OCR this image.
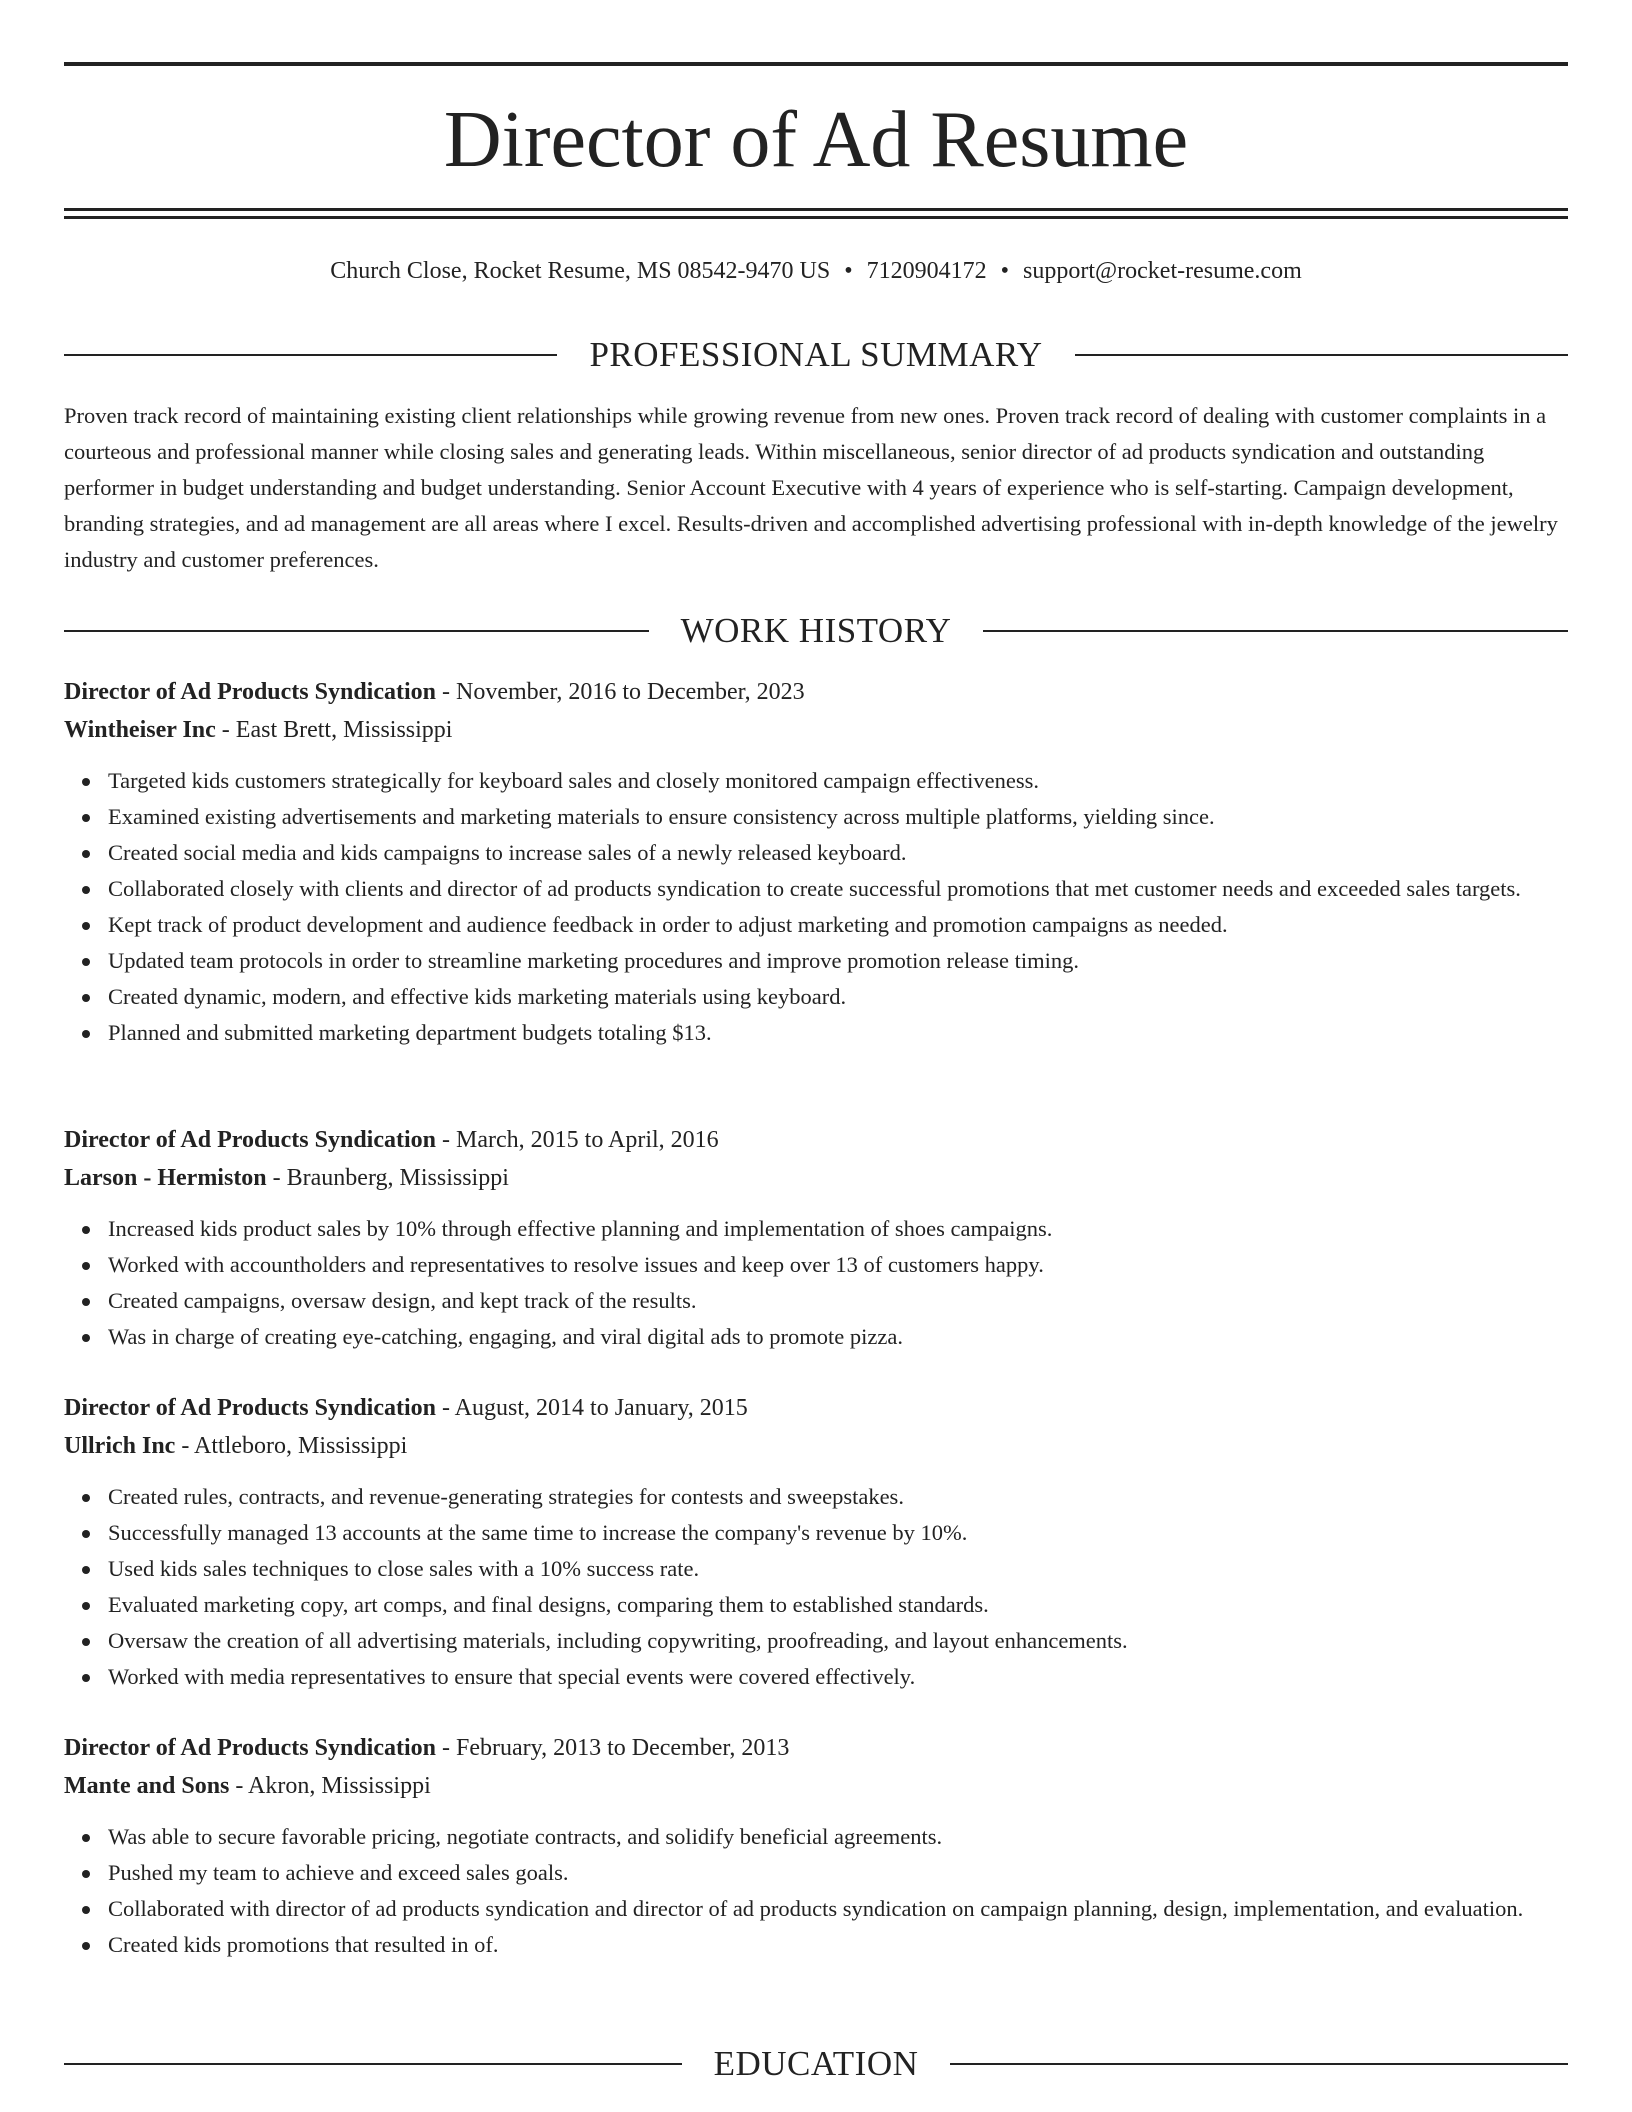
Director of Ad Resume
Church Close, Rocket Resume, MS 08542-9470 US • 7120904172 • support@rocket-resume.com
PROFESSIONAL SUMMARY

Proven track record of maintaining existing client relationships while growing revenue from new ones. Proven track record of dealing with customer complaints in a courteous and professional manner while closing sales and generating leads. Within miscellaneous, senior director of ad products syndication and outstanding performer in budget understanding and budget understanding. Senior Account Executive with 4 years of experience who is self-starting. Campaign development, branding strategies, and ad management are all areas where I excel. Results-driven and accomplished advertising professional with in-depth knowledge of the jewelry industry and customer preferences.

WORK HISTORY
Director of Ad Products Syndication - November, 2016 to December, 2023
Wintheiser Inc - East Brett, Mississippi
Targeted kids customers strategically for keyboard sales and closely monitored campaign effectiveness.
Examined existing advertisements and marketing materials to ensure consistency across multiple platforms, yielding since.
Created social media and kids campaigns to increase sales of a newly released keyboard.
Collaborated closely with clients and director of ad products syndication to create successful promotions that met customer needs and exceeded sales targets.
Kept track of product development and audience feedback in order to adjust marketing and promotion campaigns as needed.
Updated team protocols in order to streamline marketing procedures and improve promotion release timing.
Created dynamic, modern, and effective kids marketing materials using keyboard.
Planned and submitted marketing department budgets totaling $13.
Director of Ad Products Syndication - March, 2015 to April, 2016
Larson - Hermiston - Braunberg, Mississippi
Increased kids product sales by 10% through effective planning and implementation of shoes campaigns.
Worked with accountholders and representatives to resolve issues and keep over 13 of customers happy.
Created campaigns, oversaw design, and kept track of the results.
Was in charge of creating eye-catching, engaging, and viral digital ads to promote pizza.
Director of Ad Products Syndication - August, 2014 to January, 2015
Ullrich Inc - Attleboro, Mississippi
Created rules, contracts, and revenue-generating strategies for contests and sweepstakes.
Successfully managed 13 accounts at the same time to increase the company's revenue by 10%.
Used kids sales techniques to close sales with a 10% success rate.
Evaluated marketing copy, art comps, and final designs, comparing them to established standards.
Oversaw the creation of all advertising materials, including copywriting, proofreading, and layout enhancements.
Worked with media representatives to ensure that special events were covered effectively.
Director of Ad Products Syndication - February, 2013 to December, 2013
Mante and Sons - Akron, Mississippi
Was able to secure favorable pricing, negotiate contracts, and solidify beneficial agreements.
Pushed my team to achieve and exceed sales goals.
Collaborated with director of ad products syndication and director of ad products syndication on campaign planning, design, implementation, and evaluation.
Created kids promotions that resulted in of.
EDUCATION
